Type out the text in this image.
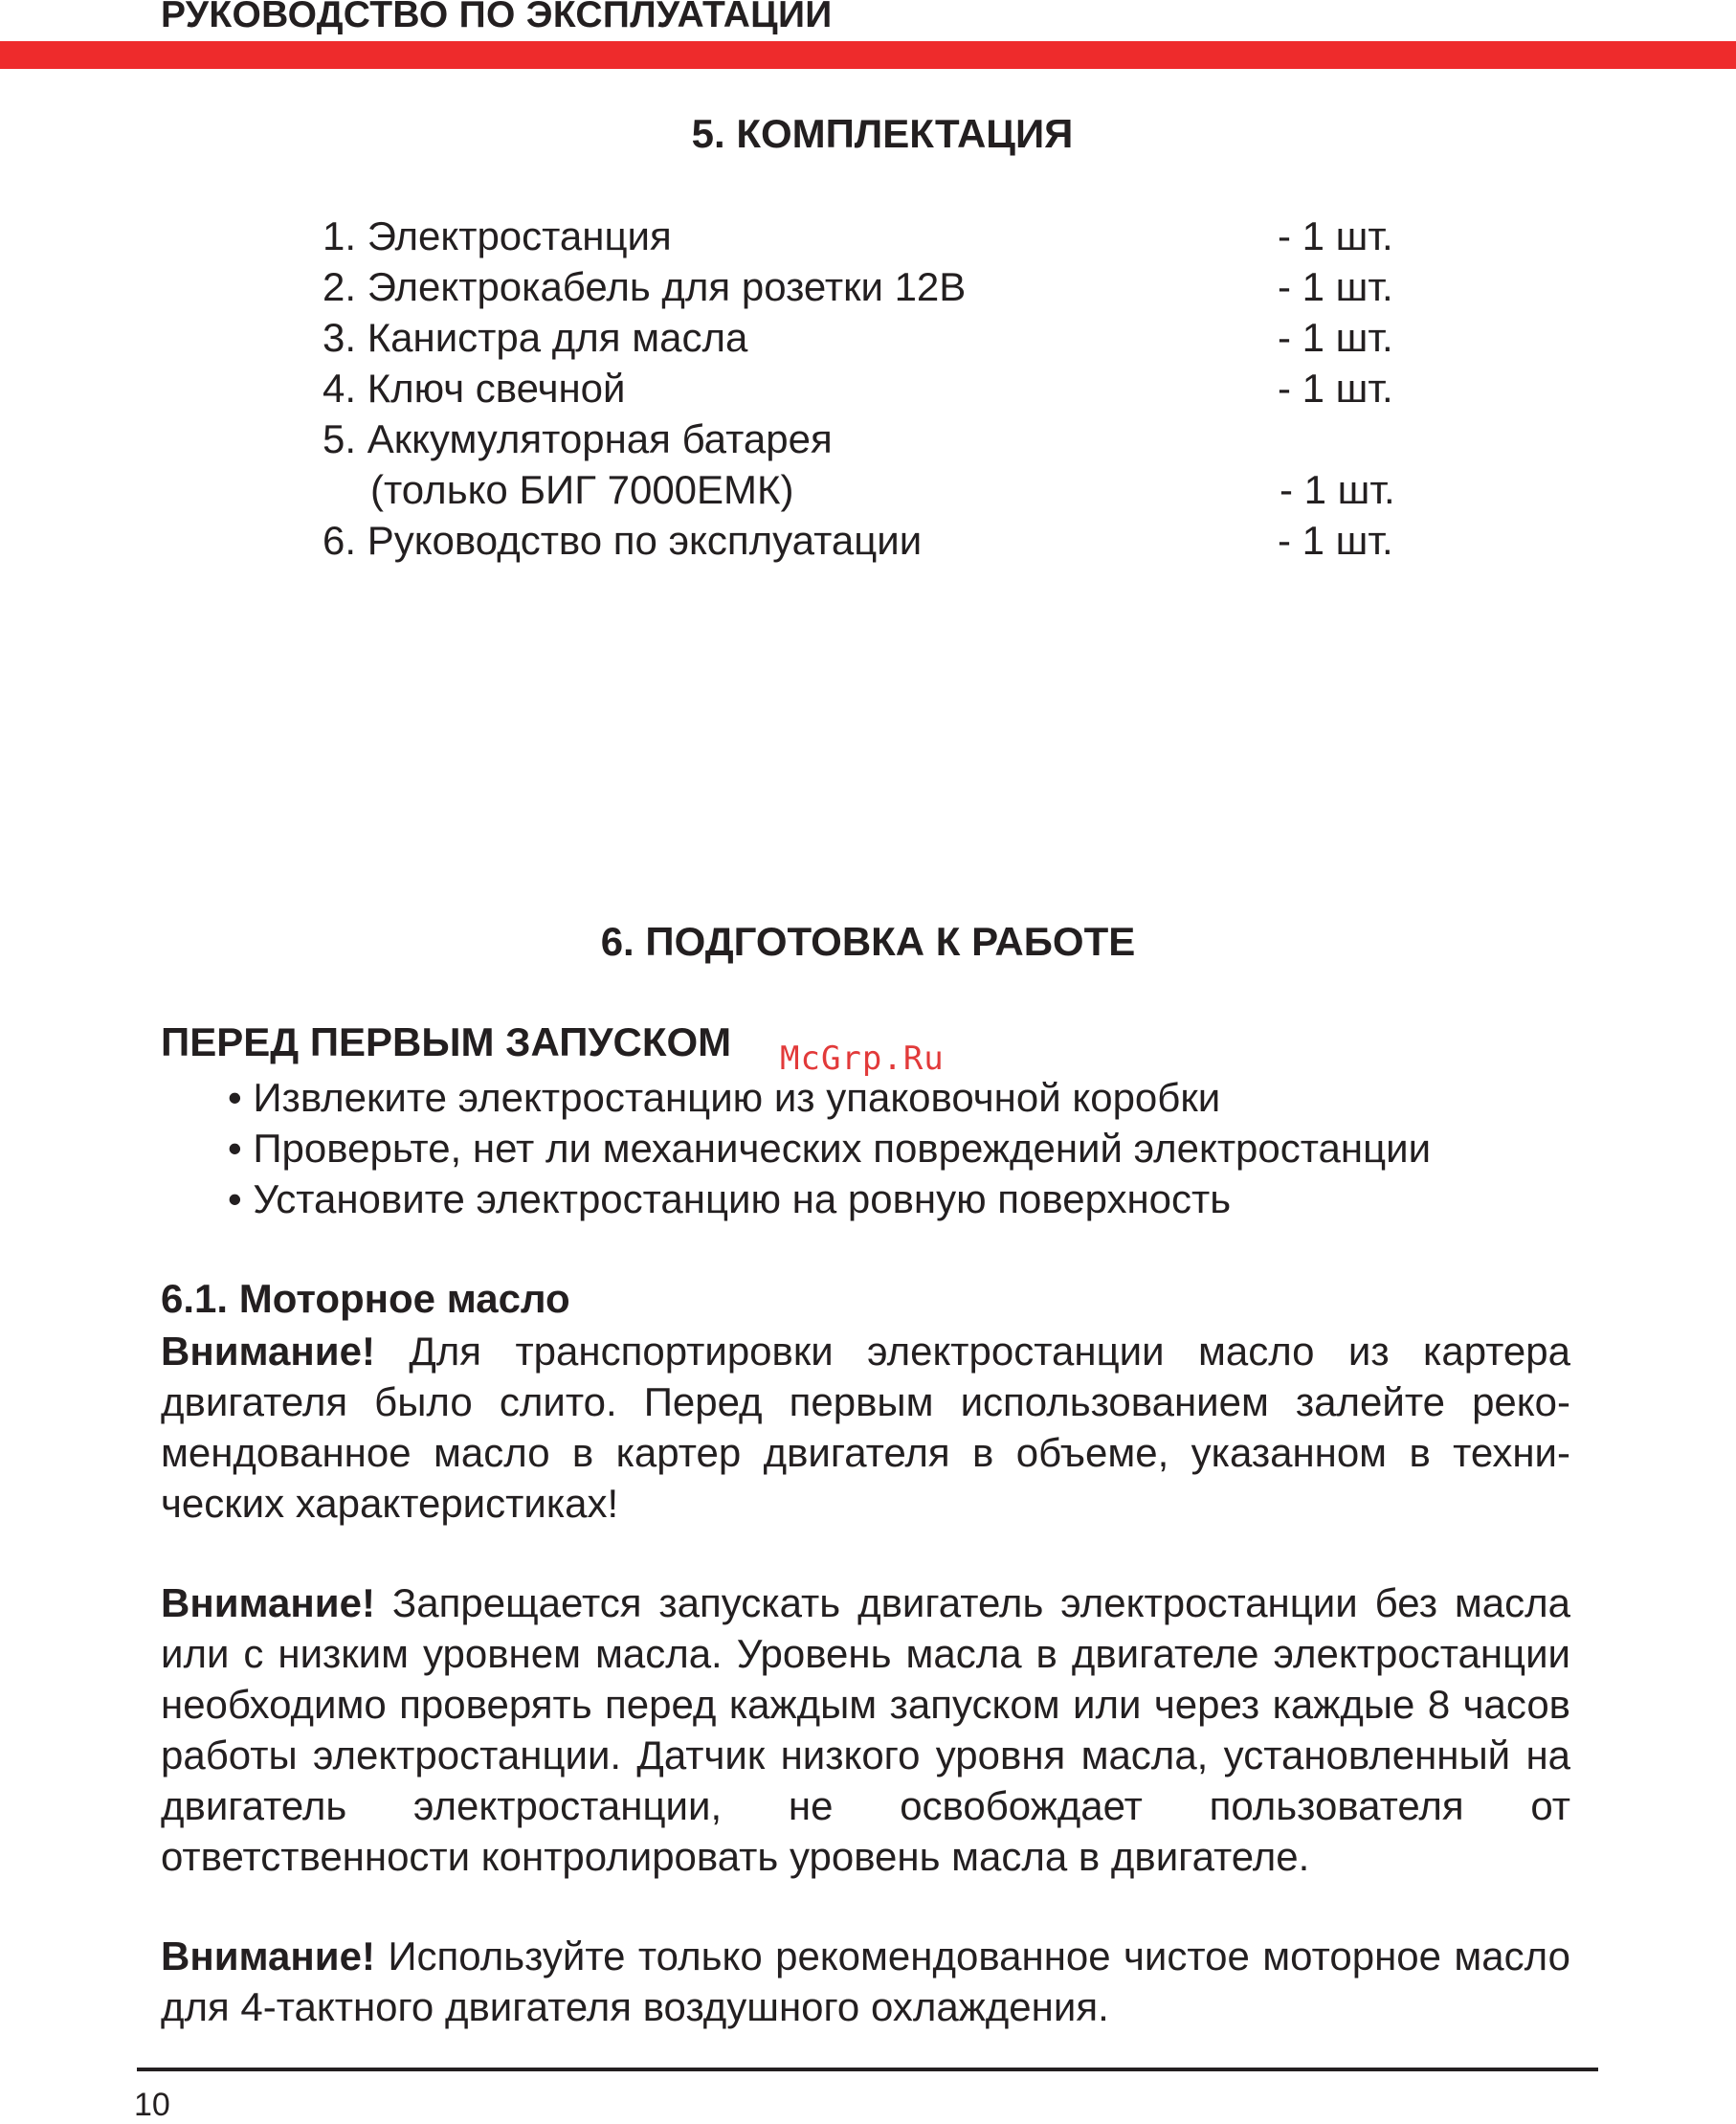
РУКОВОДСТВО ПО ЭКСПЛУАТАЦИИ
5. КОМПЛЕКТАЦИЯ
1. Электростанция	- 1 шт.
2. Электрокабель для розетки 12В	- 1 шт.
3. Канистра для масла	- 1 шт.
4. Ключ свечной	- 1 шт.
5. Аккумуляторная батарея
(только БИГ 7000ЕМК)	- 1 шт.
6. Руководство по эксплуатации	- 1 шт.
6. ПОДГОТОВКА К РАБОТЕ
ПЕРЕД ПЕРВЫМ ЗАПУСКОМ McGrp.Ru
• Извлеките электростанцию из упаковочной коробки
• Проверьте, нет ли механических повреждений электростанции
• Установите электростанцию на ровную поверхность
6.1. Моторное масло

Внимание! Для транспортировки электростанции масло из картера двигателя было слито. Перед первым использованием залейте рекомендованное масло в картер двигателя в объеме, указанном в технических характеристиках!

Внимание! Запрещается запускать двигатель электростанции без масла или с низким уровнем масла. Уровень масла в двигателе электростанции необходимо проверять перед каждым запуском или через каждые 8 часов работы электростанции. Датчик низкого уровня масла, установленный на двигатель электростанции, не освобождает пользователя от ответственности контролировать уровень масла в двигателе.

Внимание! Используйте только рекомендованное чистое моторное масло для 4-тактного двигателя воздушного охлаждения.

10
